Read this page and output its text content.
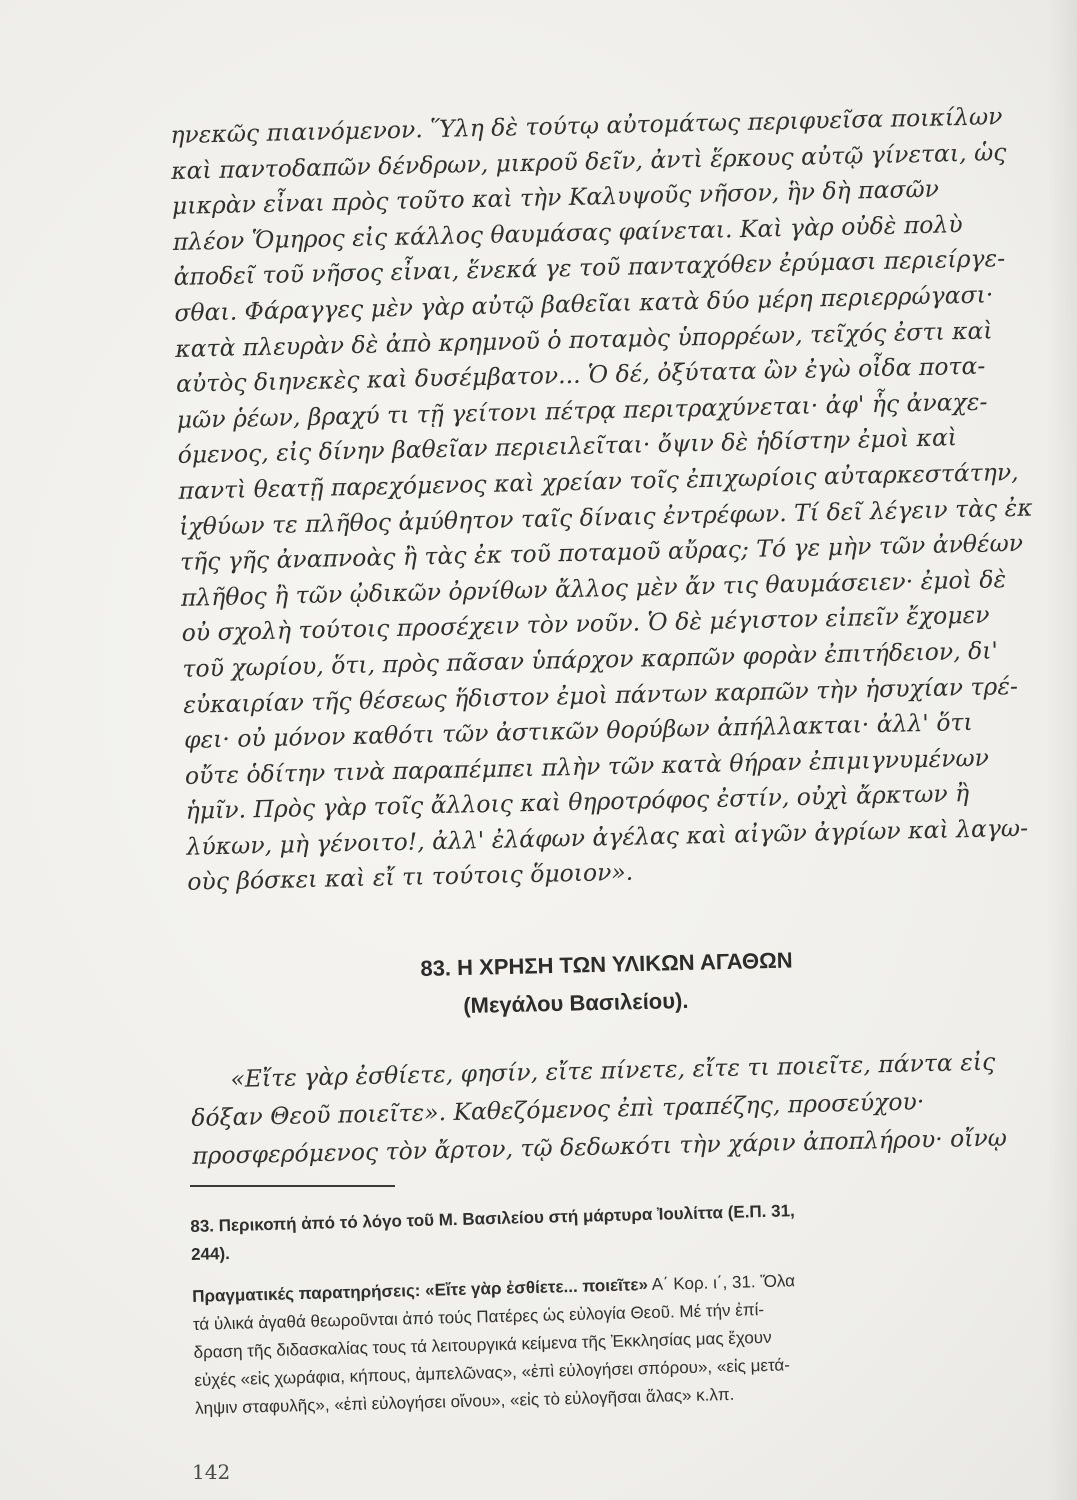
ηνεκῶς πιαινόμενον. Ὕλη δὲ τούτῳ αὐτομάτως περιφυεῖσα ποικίλων
καὶ παντοδαπῶν δένδρων, μικροῦ δεῖν, ἀντὶ ἕρκους αὐτῷ γίνεται, ὡς
μικρὰν εἶναι πρὸς τοῦτο καὶ τὴν Καλυψοῦς νῆσον, ἣν δὴ πασῶν
πλέον Ὅμηρος εἰς κάλλος θαυμάσας φαίνεται. Καὶ γὰρ οὐδὲ πολὺ
ἀποδεῖ τοῦ νῆσος εἶναι, ἕνεκά γε τοῦ πανταχόθεν ἐρύμασι περιείργε-
σθαι. Φάραγγες μὲν γὰρ αὐτῷ βαθεῖαι κατὰ δύο μέρη περιερρώγασι·
κατὰ πλευρὰν δὲ ἀπὸ κρημνοῦ ὁ ποταμὸς ὑπορρέων, τεῖχός ἐστι καὶ
αὐτὸς διηνεκὲς καὶ δυσέμβατον... Ὁ δέ, ὀξύτατα ὢν ἐγὼ οἶδα ποτα-
μῶν ῥέων, βραχύ τι τῇ γείτονι πέτρᾳ περιτραχύνεται· ἀφ' ἧς ἀναχε-
όμενος, εἰς δίνην βαθεῖαν περιειλεῖται· ὄψιν δὲ ἡδίστην ἐμοὶ καὶ
παντὶ θεατῇ παρεχόμενος καὶ χρείαν τοῖς ἐπιχωρίοις αὐταρκεστάτην,
ἰχθύων τε πλῆθος ἀμύθητον ταῖς δίναις ἐντρέφων. Τί δεῖ λέγειν τὰς ἐκ
τῆς γῆς ἀναπνοὰς ἢ τὰς ἐκ τοῦ ποταμοῦ αὔρας; Τό γε μὴν τῶν ἀνθέων
πλῆθος ἢ τῶν ᾠδικῶν ὀρνίθων ἄλλος μὲν ἄν τις θαυμάσειεν· ἐμοὶ δὲ
οὐ σχολὴ τούτοις προσέχειν τὸν νοῦν. Ὁ δὲ μέγιστον εἰπεῖν ἔχομεν
τοῦ χωρίου, ὅτι, πρὸς πᾶσαν ὑπάρχον καρπῶν φορὰν ἐπιτήδειον, δι'
εὐκαιρίαν τῆς θέσεως ἥδιστον ἐμοὶ πάντων καρπῶν τὴν ἡσυχίαν τρέ-
φει· οὐ μόνον καθότι τῶν ἀστικῶν θορύβων ἀπήλλακται· ἀλλ' ὅτι
οὔτε ὁδίτην τινὰ παραπέμπει πλὴν τῶν κατὰ θήραν ἐπιμιγνυμένων
ἡμῖν. Πρὸς γὰρ τοῖς ἄλλοις καὶ θηροτρόφος ἐστίν, οὐχὶ ἄρκτων ἢ
λύκων, μὴ γένοιτο!, ἀλλ' ἐλάφων ἀγέλας καὶ αἰγῶν ἀγρίων καὶ λαγω-
οὺς βόσκει καὶ εἴ τι τούτοις ὅμοιον».
83. Η ΧΡΗΣΗ ΤΩΝ ΥΛΙΚΩΝ ΑΓΑΘΩΝ
(Μεγάλου Βασιλείου).
«Εἴτε γὰρ ἐσθίετε, φησίν, εἴτε πίνετε, εἴτε τι ποιεῖτε, πάντα εἰς
δόξαν Θεοῦ ποιεῖτε». Καθεζόμενος ἐπὶ τραπέζης, προσεύχου·
προσφερόμενος τὸν ἄρτον, τῷ δεδωκότι τὴν χάριν ἀποπλήρου· οἴνῳ
83. Περικοπή ἀπό τό λόγο τοῦ Μ. Βασιλείου στή μάρτυρα Ἰουλίττα (Ε.Π. 31,
244).
Πραγματικές παρατηρήσεις: «Εἴτε γὰρ ἐσθίετε... ποιεῖτε» Α΄ Κορ. ι΄, 31. Ὅλα
τά ὑλικά ἀγαθά θεωροῦνται ἀπό τούς Πατέρες ὡς εὐλογία Θεοῦ. Μέ τήν ἐπί-
δραση τῆς διδασκαλίας τους τά λειτουργικά κείμενα τῆς Ἐκκλησίας μας ἔχουν
εὐχές «εἰς χωράφια, κήπους, ἀμπελῶνας», «ἐπὶ εὐλογήσει σπόρου», «εἰς μετά-
ληψιν σταφυλῆς», «ἐπὶ εὐλογήσει οἴνου», «εἰς τὸ εὐλογῆσαι ἅλας» κ.λπ.
142
